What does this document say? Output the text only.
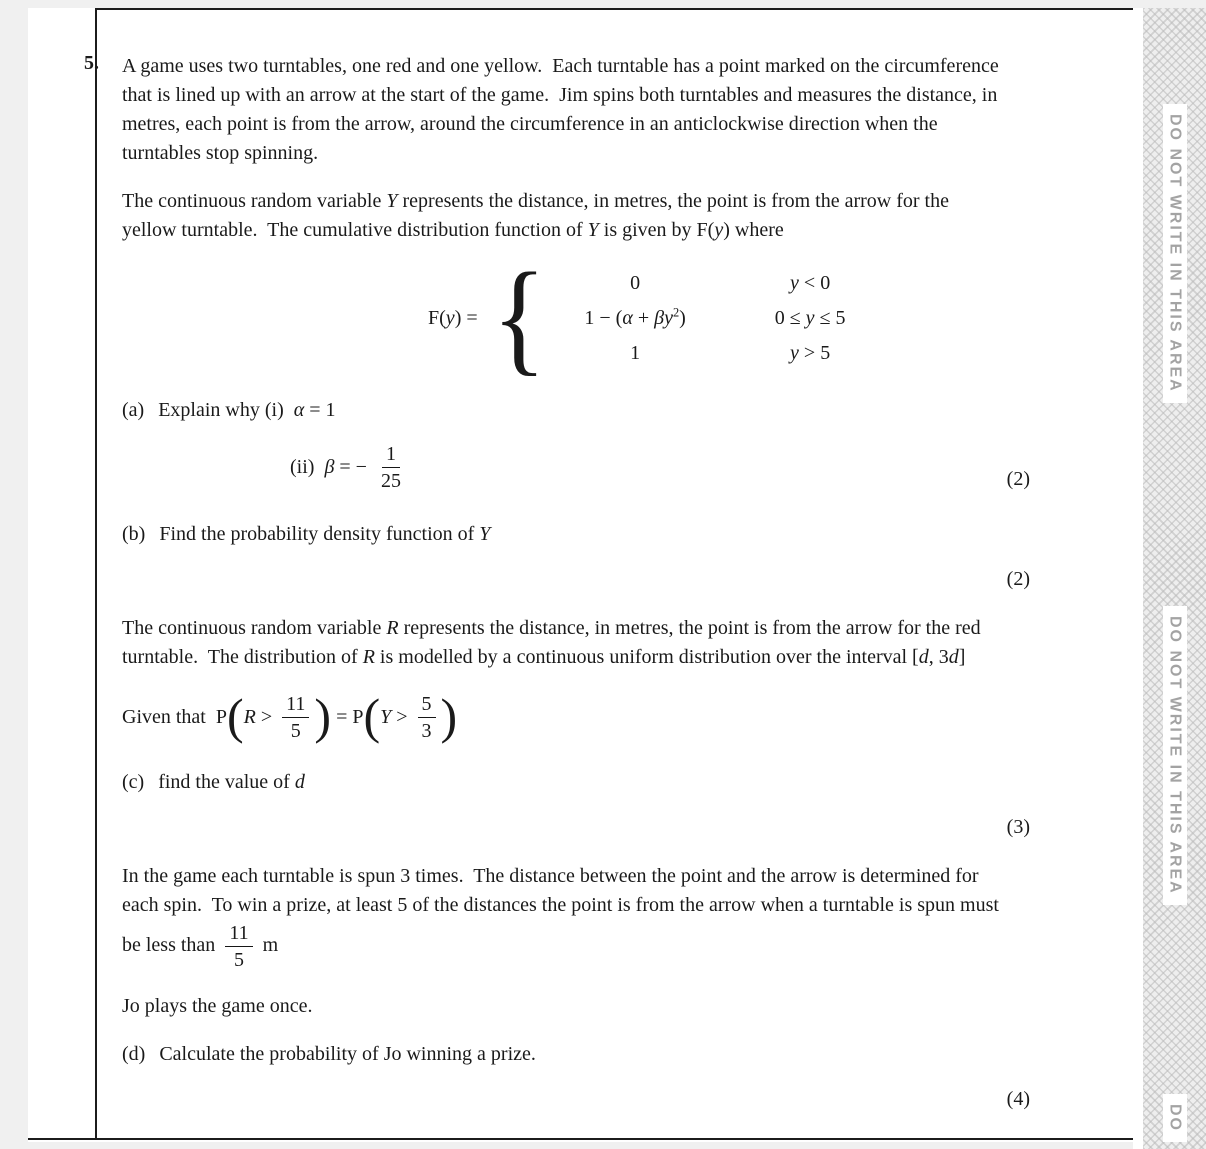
5. A game uses two turntables, one red and one yellow.  Each turntable has a point marked on the circumference that is lined up with an arrow at the start of the game.  Jim spins both turntables and measures the distance, in metres, each point is from the arrow, around the circumference in an anticlockwise direction when the turntables stop spinning.

The continuous random variable Y represents the distance, in metres, the point is from the arrow for the yellow turntable.  The cumulative distribution function of Y is given by F(y) where

F(y) = {	0	y < 0
$1 - (\alpha + \beta y^2)$	0 ≤ y ≤ 5
1	y > 5
(a) Explain why (i)  α = 1
(ii)  β = − $\frac{1}{25}$	(2)
(b) Find the probability density function of Y
(2)

The continuous random variable R represents the distance, in metres, the point is from the arrow for the red turntable.  The distribution of R is modelled by a continuous uniform distribution over the interval [d, 3d]

Given that  P ( $R > \frac{11}{5}$ ) = P ( $Y > \frac{5}{3}$ )
(c) find the value of d
(3)

In the game each turntable is spun 3 times.  The distance between the point and the arrow is determined for each spin.  To win a prize, at least 5 of the distances the point is from the arrow when a turntable is spun must be less than $\frac{11}{5}$ m

Jo plays the game once.

(d) Calculate the probability of Jo winning a prize.
(4)
DO NOT WRITE IN THIS AREA
DO NOT WRITE IN THIS AREA
DO
